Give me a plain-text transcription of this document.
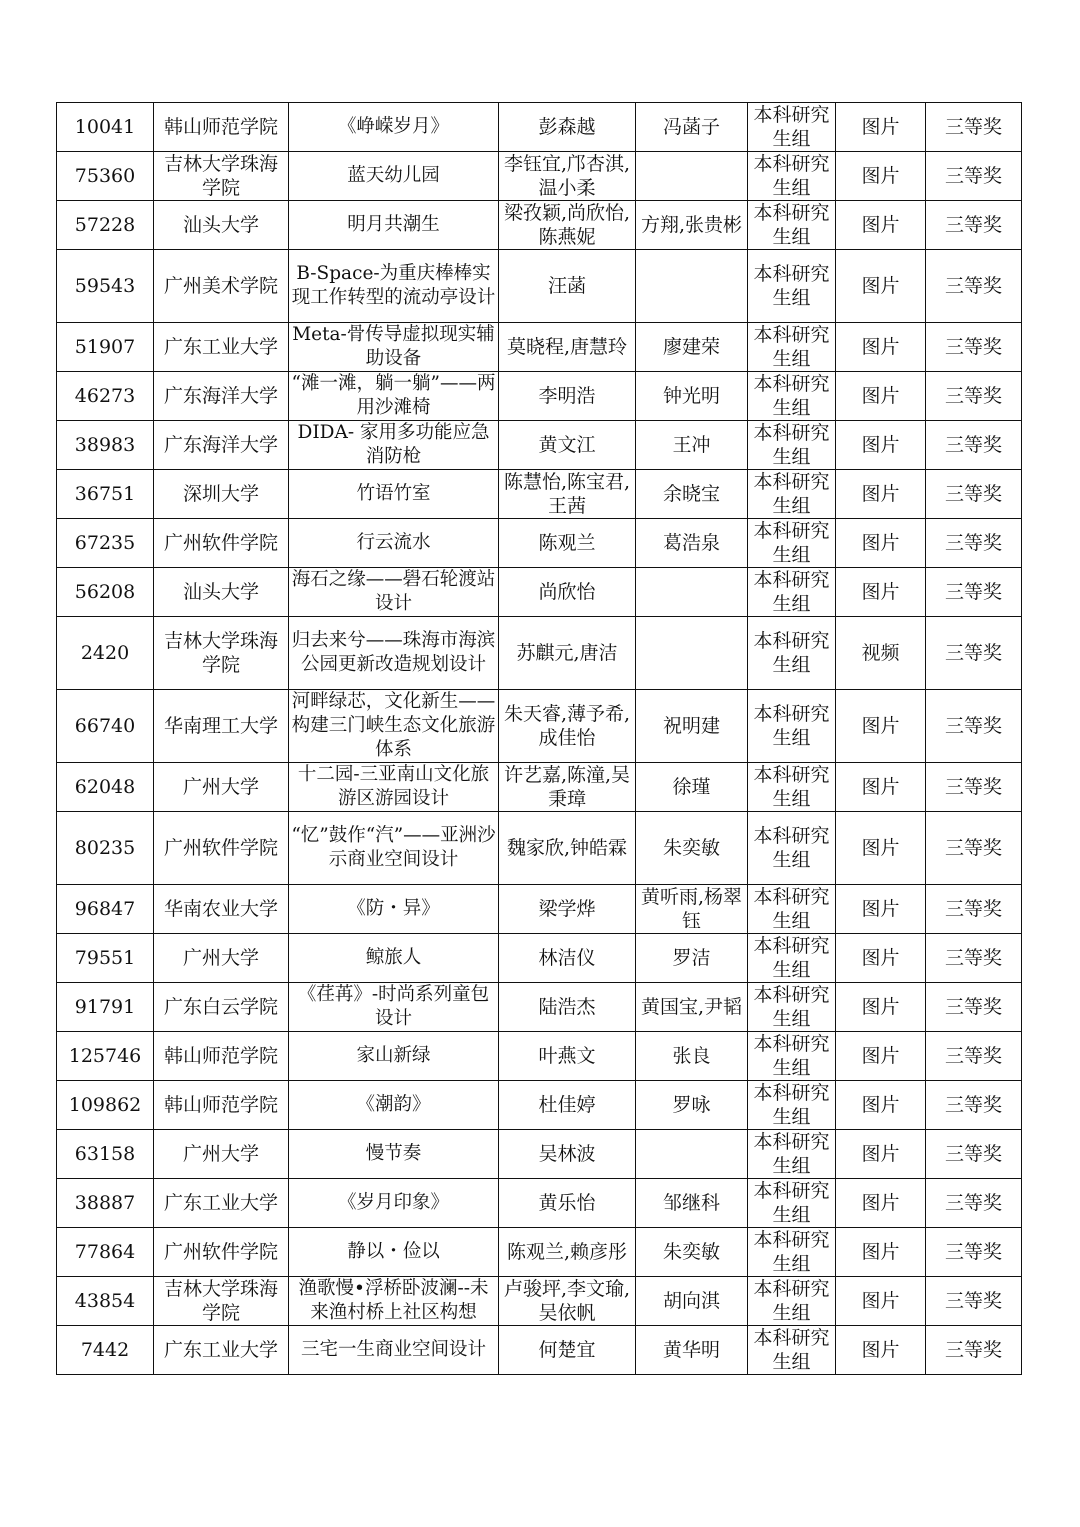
10041	韩山师范学院	《峥嵘岁月》	彭森越	冯菡子	本科研究生组	图片	三等奖
75360	吉林大学珠海学院	蓝天幼儿园	李钰宜,邝杏淇,温小柔		本科研究生组	图片	三等奖
57228	汕头大学	明月共潮生	梁孜颖,尚欣怡,陈燕妮	方翔,张贵彬	本科研究生组	图片	三等奖
59543	广州美术学院	B-Space-为重庆棒棒实现工作转型的流动亭设计	汪菡		本科研究生组	图片	三等奖
51907	广东工业大学	Meta-骨传导虚拟现实辅助设备	莫晓程,唐慧玲	廖建荣	本科研究生组	图片	三等奖
46273	广东海洋大学	“滩一滩，躺一躺”——两用沙滩椅	李明浩	钟光明	本科研究生组	图片	三等奖
38983	广东海洋大学	DIDA- 家用多功能应急消防枪	黄文江	王冲	本科研究生组	图片	三等奖
36751	深圳大学	竹语竹室	陈慧怡,陈宝君,王茜	余晓宝	本科研究生组	图片	三等奖
67235	广州软件学院	行云流水	陈观兰	葛浩泉	本科研究生组	图片	三等奖
56208	汕头大学	海石之缘——礐石轮渡站设计	尚欣怡		本科研究生组	图片	三等奖
2420	吉林大学珠海学院	归去来兮——珠海市海滨公园更新改造规划设计	苏麒元,唐洁		本科研究生组	视频	三等奖
66740	华南理工大学	河畔绿芯，文化新生——构建三门峡生态文化旅游体系	朱天睿,薄予希,成佳怡	祝明建	本科研究生组	图片	三等奖
62048	广州大学	十二园-三亚南山文化旅游区游园设计	许艺嘉,陈潼,吴秉璋	徐瑾	本科研究生组	图片	三等奖
80235	广州软件学院	“忆”鼓作“汽”——亚洲沙示商业空间设计	魏家欣,钟皓霖	朱奕敏	本科研究生组	图片	三等奖
96847	华南农业大学	《防・异》	梁学烨	黄听雨,杨翠钰	本科研究生组	图片	三等奖
79551	广州大学	鲸旅人	林洁仪	罗洁	本科研究生组	图片	三等奖
91791	广东白云学院	《荏苒》-时尚系列童包设计	陆浩杰	黄国宝,尹韬	本科研究生组	图片	三等奖
125746	韩山师范学院	家山新绿	叶燕文	张良	本科研究生组	图片	三等奖
109862	韩山师范学院	《潮韵》	杜佳婷	罗咏	本科研究生组	图片	三等奖
63158	广州大学	慢节奏	吴林波		本科研究生组	图片	三等奖
38887	广东工业大学	《岁月印象》	黄乐怡	邹继科	本科研究生组	图片	三等奖
77864	广州软件学院	静以・俭以	陈观兰,赖彦彤	朱奕敏	本科研究生组	图片	三等奖
43854	吉林大学珠海学院	渔歌慢•浮桥卧波澜--未来渔村桥上社区构想	卢骏坪,李文瑜,吴依帆	胡向淇	本科研究生组	图片	三等奖
7442	广东工业大学	三宅一生商业空间设计	何楚宜	黄华明	本科研究生组	图片	三等奖
